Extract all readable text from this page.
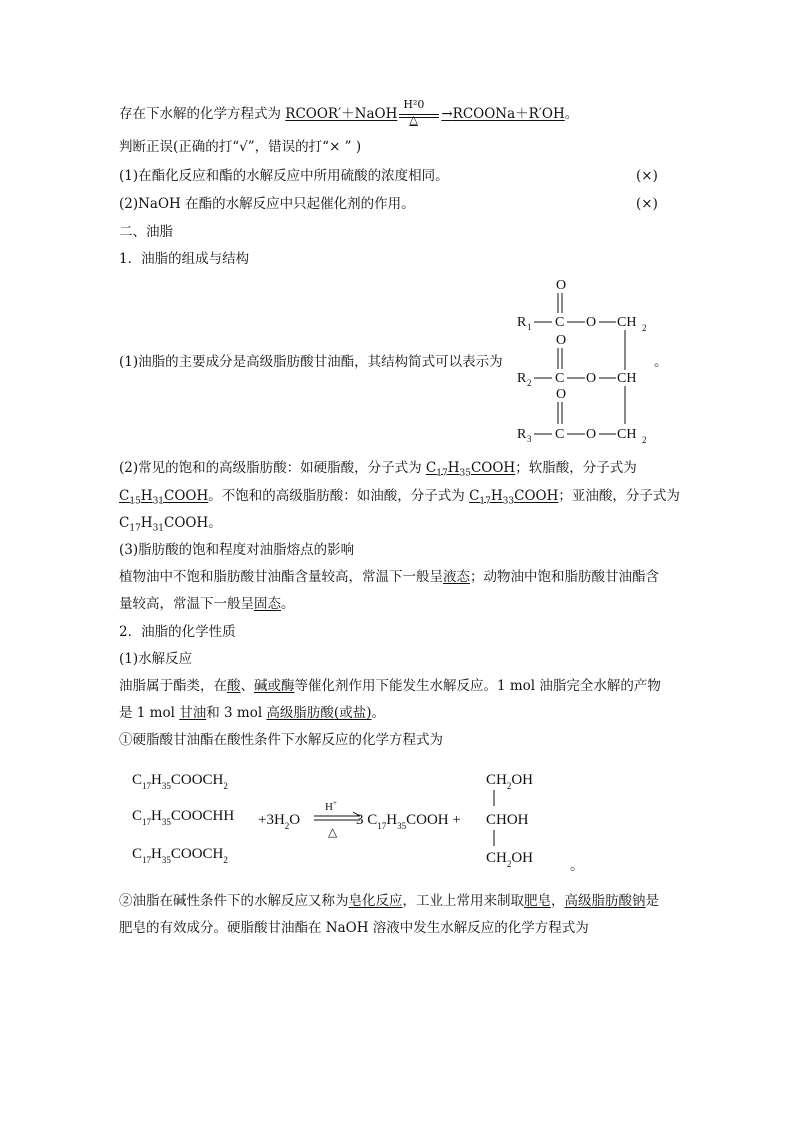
存在下水解的化学方程式为 RCOOR′＋NaOH $\frac{\text{H²0}}{\triangle}$ →RCOONa＋R′OH。
判断正误(正确的打“√”，错误的打“× ” )
(1)在酯化反应和酯的水解反应中所用硫酸的浓度相同。	(×)
(2)NaOH 在酯的水解反应中只起催化剂的作用。	(×)
二、油脂
1．油脂的组成与结构
(1)油脂的主要成分是高级脂肪酸甘油酯，其结构简式可以表示为	。
O
R 1 C O CH 2
O
R 2 C O CH
O
R 3 C O CH 2
(2)常见的饱和的高级脂肪酸：如硬脂酸，分子式为 $C_{17}H_{35}COOH$；软脂酸，分子式为
$C_{15}H_{31}COOH$。不饱和的高级脂肪酸：如油酸，分子式为 $C_{17}H_{33}COOH$；亚油酸，分子式为
$C_{17}H_{31}COOH$。
(3)脂肪酸的饱和程度对油脂熔点的影响
植物油中不饱和脂肪酸甘油酯含量较高，常温下一般呈液态；动物油中饱和脂肪酸甘油酯含
量较高，常温下一般呈固态。
2．油脂的化学性质
(1)水解反应
油脂属于酯类，在酸、碱或酶等催化剂作用下能发生水解反应。1 mol 油脂完全水解的产物
是 1 mol 甘油和 3 mol 高级脂肪酸(或盐)。
①硬脂酸甘油酯在酸性条件下水解反应的化学方程式为
$C_{17}H_{35}COOCH_2$
$C_{17}H_{35}COOCHH$
$C_{17}H_{35}COOCH_2$
$+3H_2O$
H+
△
3 $C_{17}H_{35}COOH$ +
$CH_2OH$
CHOH
$CH_2OH$
。
②油脂在碱性条件下的水解反应又称为皂化反应，工业上常用来制取肥皂，高级脂肪酸钠是
肥皂的有效成分。硬脂酸甘油酯在 NaOH 溶液中发生水解反应的化学方程式为
